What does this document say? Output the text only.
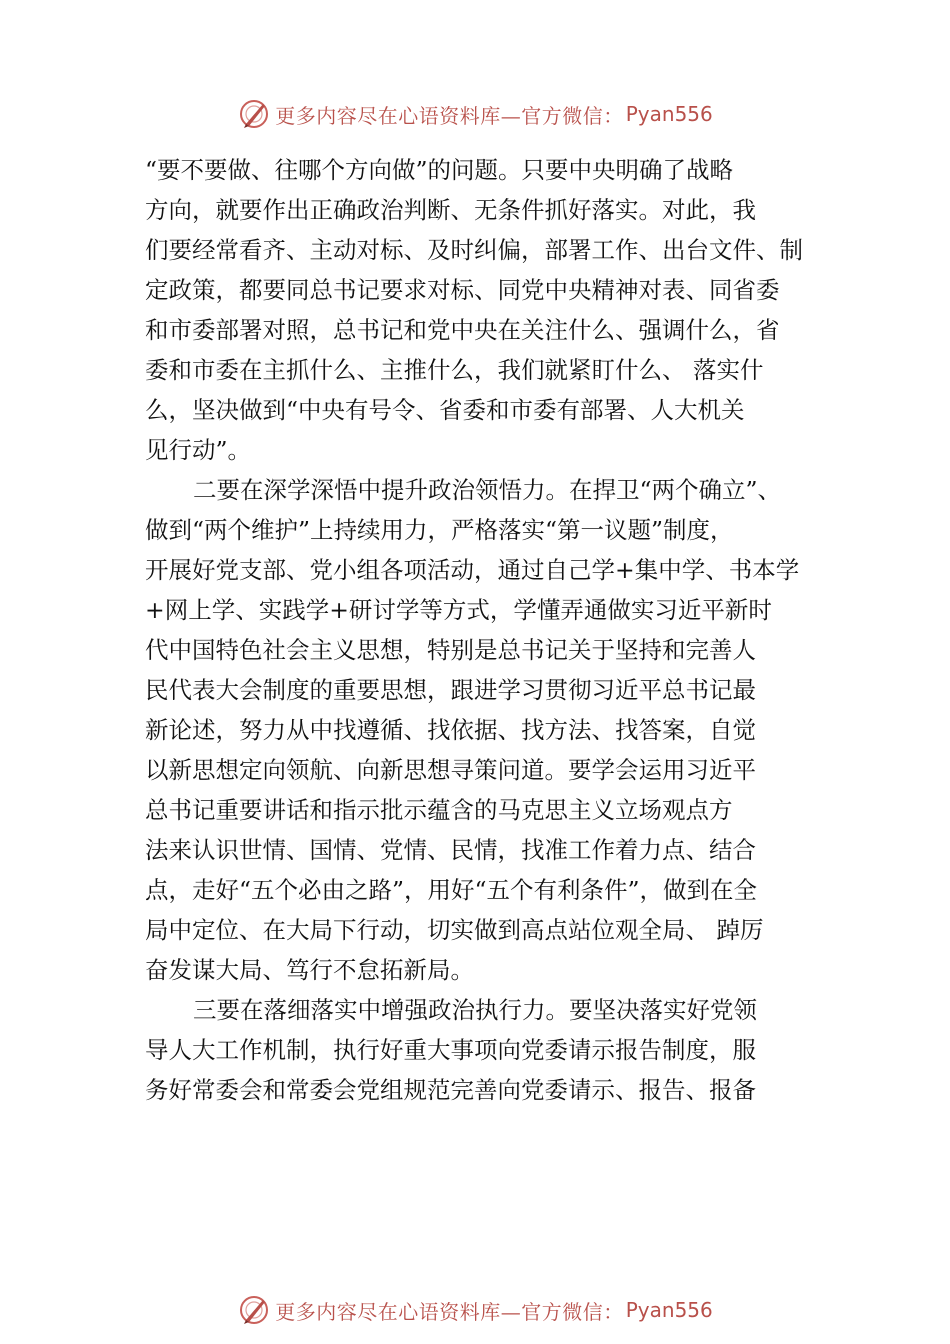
更多内容尽在心语资料库—官方微信： Pyan556
“要不要做、往哪个方向做”的问题。只要中央明确了战略
方向，就要作出正确政治判断、无条件抓好落实。对此，我
们要经常看齐、主动对标、及时纠偏，部署工作、出台文件、制
定政策，都要同总书记要求对标、同党中央精神对表、同省委
和市委部署对照，总书记和党中央在关注什么、强调什么，省
委和市委在主抓什么、主推什么，我们就紧盯什么、 落实什
么，坚决做到“中央有号令、省委和市委有部署、人大机关
见行动”。
二要在深学深悟中提升政治领悟力。在捍卫“两个确立”、
做到“两个维护”上持续用力，严格落实“第一议题”制度，
开展好党支部、党小组各项活动，通过自己学+集中学、书本学
+网上学、实践学+研讨学等方式，学懂弄通做实习近平新时
代中国特色社会主义思想，特别是总书记关于坚持和完善人
民代表大会制度的重要思想，跟进学习贯彻习近平总书记最
新论述，努力从中找遵循、找依据、找方法、找答案，自觉
以新思想定向领航、向新思想寻策问道。要学会运用习近平
总书记重要讲话和指示批示蕴含的马克思主义立场观点方
法来认识世情、国情、党情、民情，找准工作着力点、结合
点，走好“五个必由之路”，用好“五个有利条件”，做到在全
局中定位、在大局下行动，切实做到高点站位观全局、 踔厉
奋发谋大局、笃行不怠拓新局。
三要在落细落实中增强政治执行力。要坚决落实好党领
导人大工作机制，执行好重大事项向党委请示报告制度，服
务好常委会和常委会党组规范完善向党委请示、报告、报备
更多内容尽在心语资料库—官方微信： Pyan556
